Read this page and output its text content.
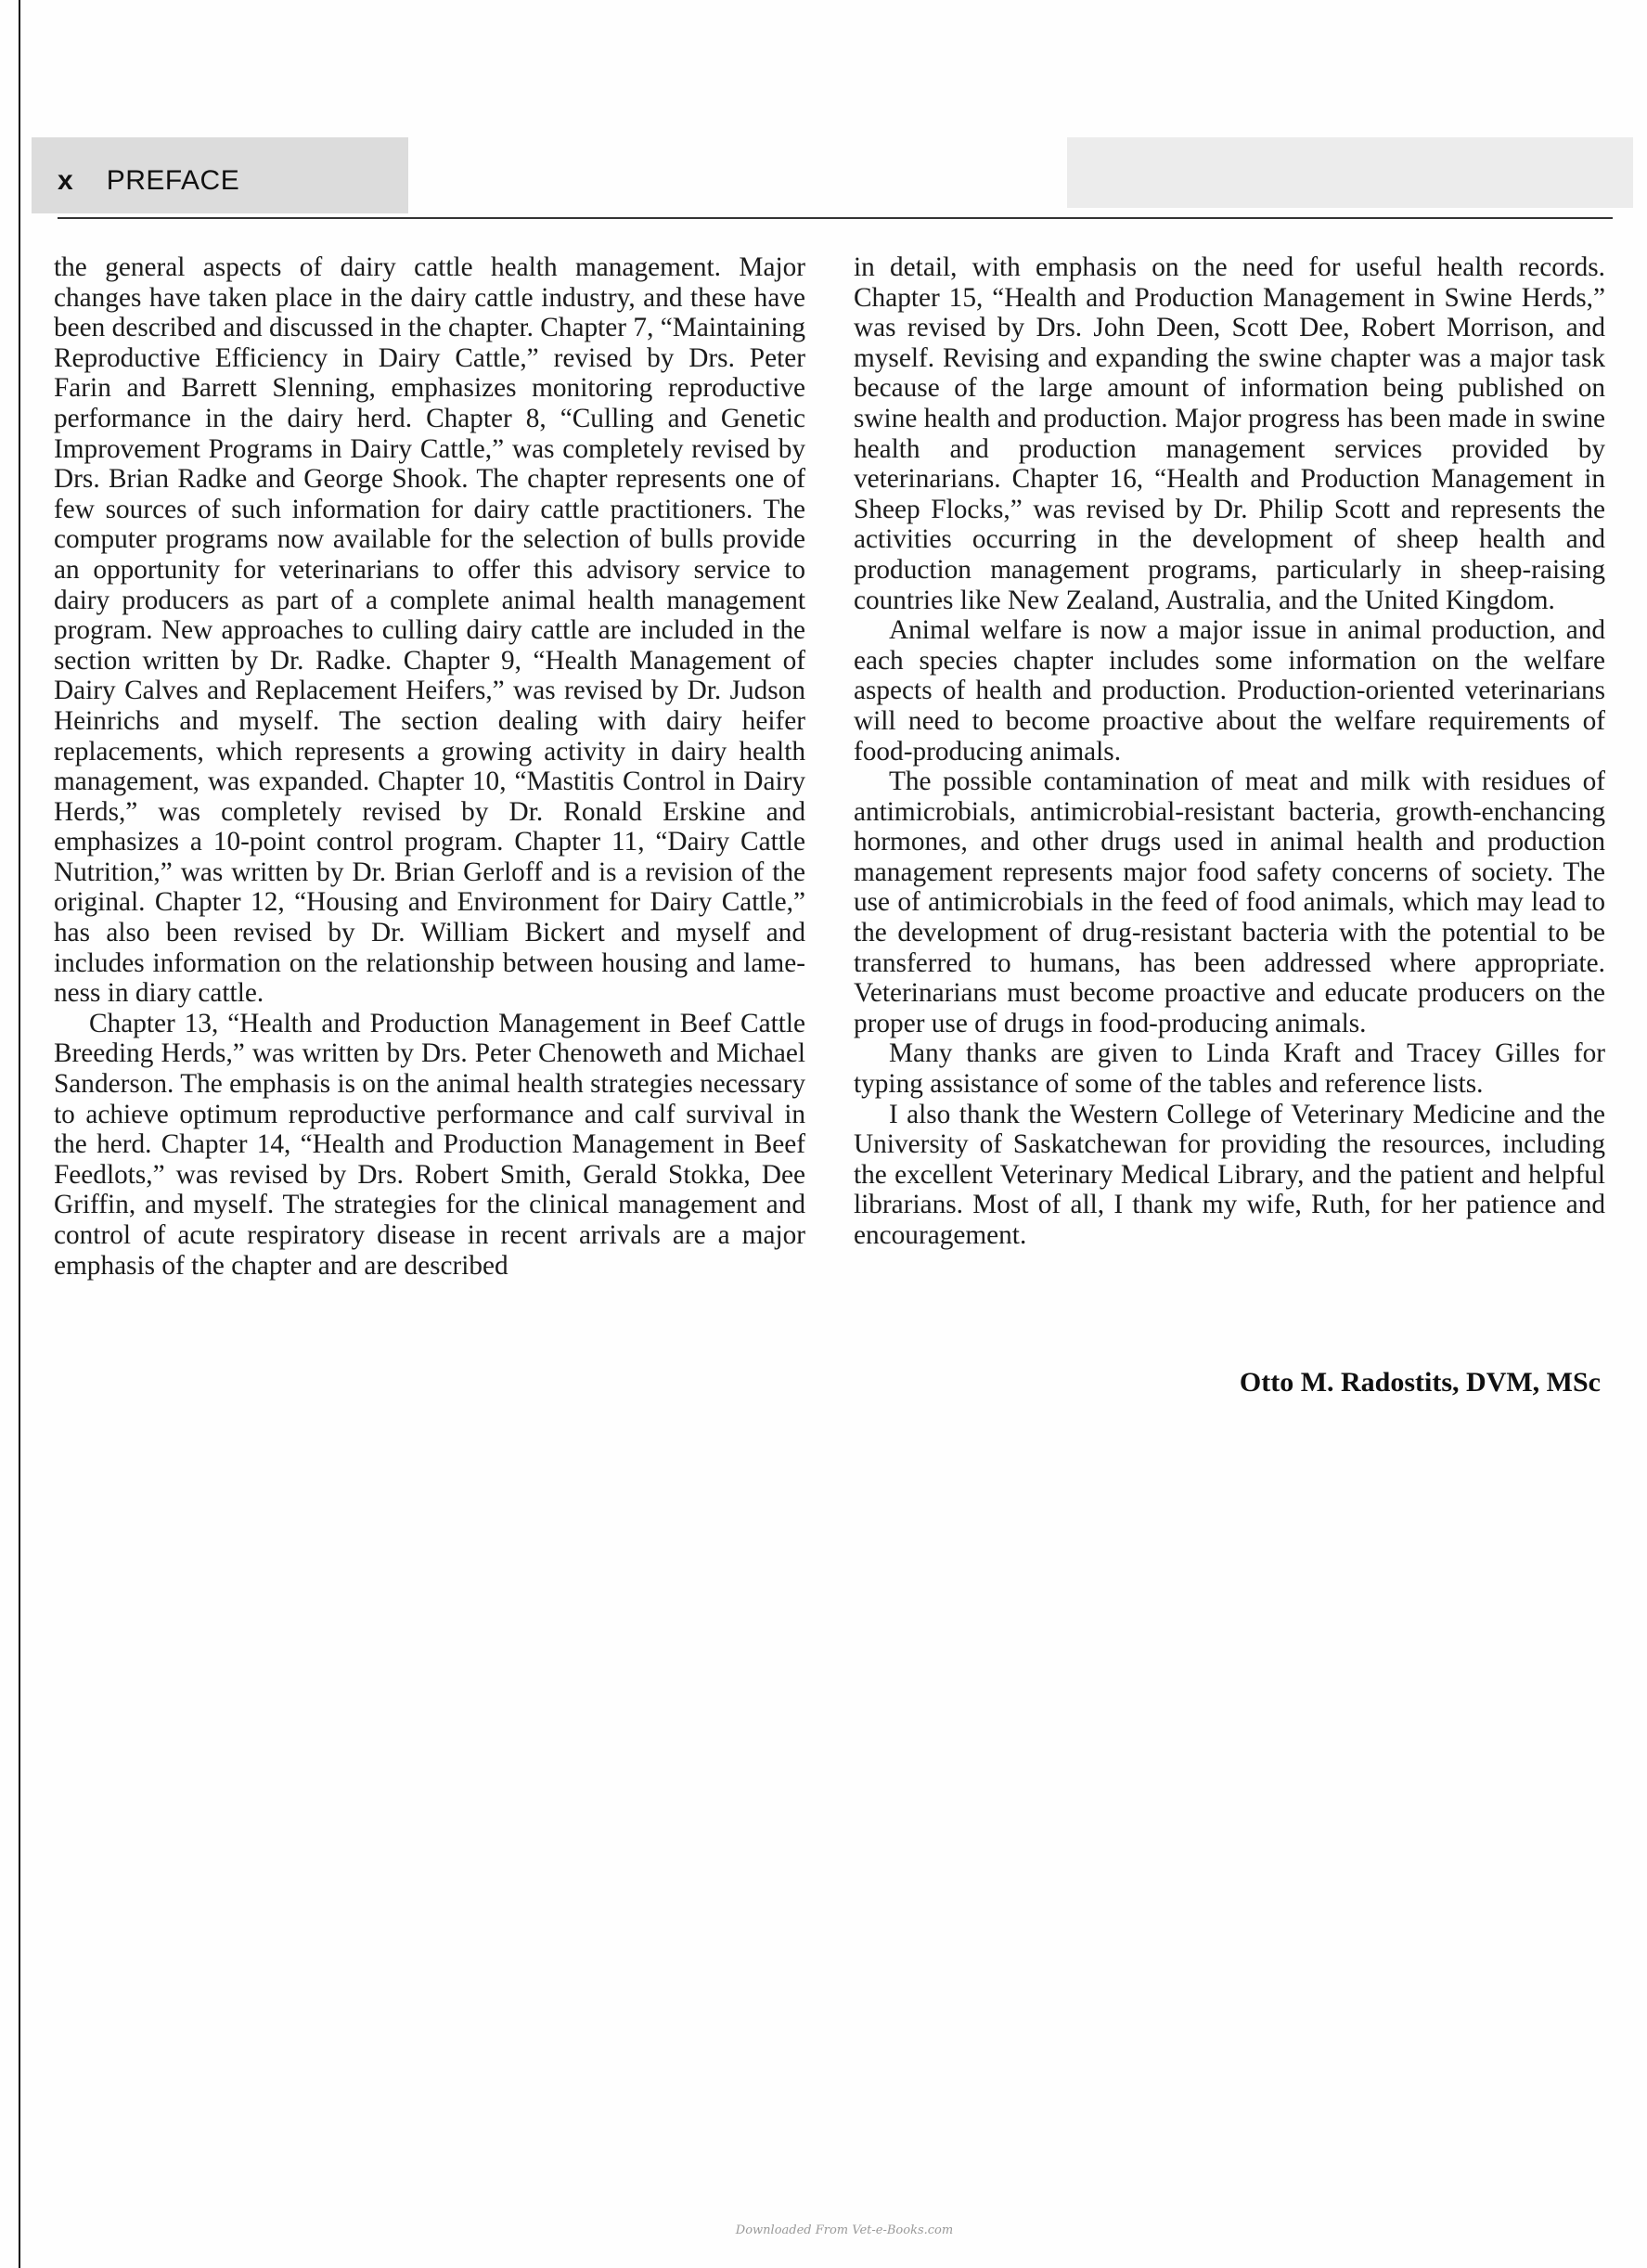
x PREFACE

the general aspects of dairy cattle health management. Major changes have taken place in the dairy cattle industry, and these have been described and discussed in the chapter. Chapter 7, “Maintaining Reproductive Efficiency in Dairy Cattle,” revised by Drs. Peter Farin and Barrett Slenning, emphasizes monitoring reproductive performance in the dairy herd. Chapter 8, “Culling and Genetic Improvement Programs in Dairy Cattle,” was completely revised by Drs. Brian Radke and George Shook. The chapter represents one of few sources of such information for dairy cattle practitioners. The computer programs now available for the selection of bulls provide an opportunity for veterinarians to offer this advisory service to dairy producers as part of a complete animal health management program. New approaches to culling dairy cattle are included in the section written by Dr. Radke. Chapter 9, “Health Management of Dairy Calves and Replacement Heifers,” was revised by Dr. Judson Heinrichs and myself. The section dealing with dairy heifer replacements, which represents a growing activity in dairy health management, was expanded. Chapter 10, “Mastitis Control in Dairy Herds,” was completely revised by Dr. Ronald Erskine and emphasizes a 10-point control program. Chapter 11, “Dairy Cattle Nutrition,” was written by Dr. Brian Gerloff and is a revision of the original. Chapter 12, “Housing and Environment for Dairy Cattle,” has also been revised by Dr. William Bickert and myself and includes information on the relationship between housing and lameness in diary cattle.

Chapter 13, “Health and Production Management in Beef Cattle Breeding Herds,” was written by Drs. Peter Chenoweth and Michael Sanderson. The emphasis is on the animal health strategies necessary to achieve optimum reproductive performance and calf survival in the herd. Chapter 14, “Health and Production Management in Beef Feedlots,” was revised by Drs. Robert Smith, Gerald Stokka, Dee Griffin, and myself. The strategies for the clinical management and control of acute respiratory disease in recent arrivals are a major emphasis of the chapter and are described

in detail, with emphasis on the need for useful health records. Chapter 15, “Health and Production Management in Swine Herds,” was revised by Drs. John Deen, Scott Dee, Robert Morrison, and myself. Revising and expanding the swine chapter was a major task because of the large amount of information being published on swine health and production. Major progress has been made in swine health and production management services provided by veterinarians. Chapter 16, “Health and Production Management in Sheep Flocks,” was revised by Dr. Philip Scott and represents the activities occurring in the development of sheep health and production management programs, particularly in sheep-raising countries like New Zealand, Australia, and the United Kingdom.

Animal welfare is now a major issue in animal production, and each species chapter includes some information on the welfare aspects of health and production. Production-oriented veterinarians will need to become proactive about the welfare requirements of food-producing animals.

The possible contamination of meat and milk with residues of antimicrobials, antimicrobial-resistant bacteria, growth-enchancing hormones, and other drugs used in animal health and production management represents major food safety concerns of society. The use of antimicrobials in the feed of food animals, which may lead to the development of drug-resistant bacteria with the potential to be transferred to humans, has been addressed where appropriate. Veterinarians must become proactive and educate producers on the proper use of drugs in food-producing animals.

Many thanks are given to Linda Kraft and Tracey Gilles for typing assistance of some of the tables and reference lists.

I also thank the Western College of Veterinary Medicine and the University of Saskatchewan for providing the resources, including the excellent Veterinary Medical Library, and the patient and helpful librarians. Most of all, I thank my wife, Ruth, for her patience and encouragement.

Otto M. Radostits, DVM, MSc
Downloaded From Vet-e-Books.com
